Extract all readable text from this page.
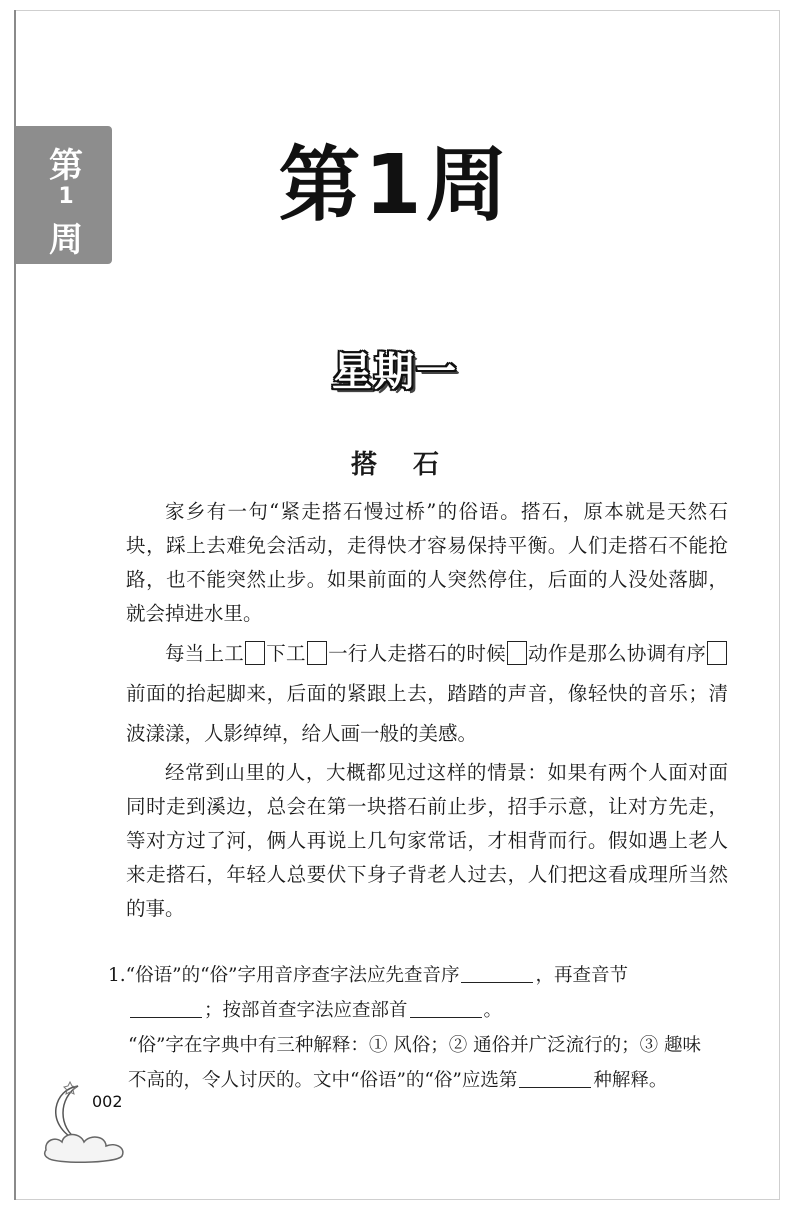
第
1
周
第1周
星期一
搭石

家乡有一句“紧走搭石慢过桥”的俗语。搭石，原本就是天然石块，踩上去难免会活动，走得快才容易保持平衡。人们走搭石不能抢路，也不能突然止步。如果前面的人突然停住，后面的人没处落脚，就会掉进水里。

每当上工 下工 一行人走搭石的时候 动作是那么协调有序前面的抬起脚来，后面的紧跟上去，踏踏的声音，像轻快的音乐；清波漾漾，人影绰绰，给人画一般的美感。

经常到山里的人，大概都见过这样的情景：如果有两个人面对面同时走到溪边，总会在第一块搭石前止步，招手示意，让对方先走，等对方过了河，俩人再说上几句家常话，才相背而行。假如遇上老人来走搭石，年轻人总要伏下身子背老人过去，人们把这看成理所当然的事。

1.“俗语”的“俗”字用音序查字法应先查音序	，再查音节
；按部首查字法应查部首	。
“俗”字在字典中有三种解释：① 风俗；② 通俗并广泛流行的；③ 趣味
不高的，令人讨厌的。文中“俗语”的“俗”应选第	种解释。
002
